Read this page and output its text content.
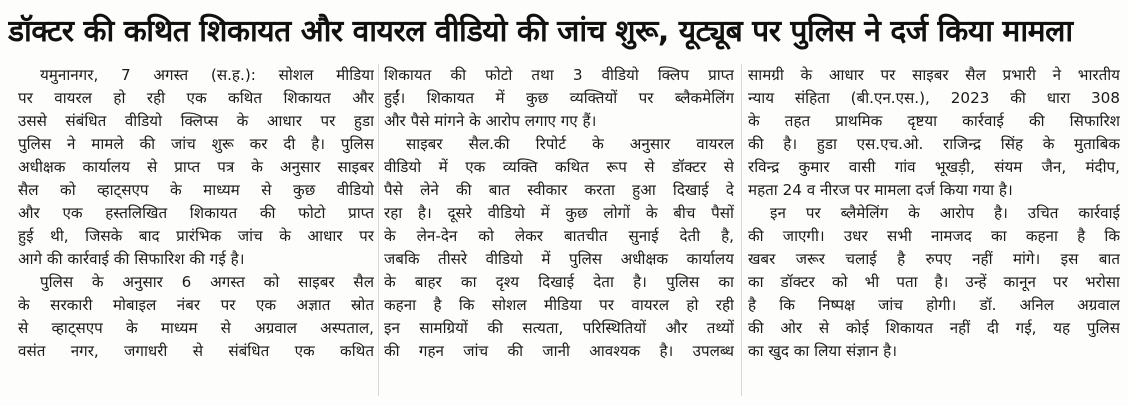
डॉक्टर की कथित शिकायत और वायरल वीडियो की जांच शुरू, यूट्यूब पर पुलिस ने दर्ज किया मामला
यमुनानगर, 7 अगस्त (स.ह.): सोशल मीडिया
पर वायरल हो रही एक कथित शिकायत और
उससे संबंधित वीडियो क्लिप्स के आधार पर हुडा
पुलिस ने मामले की जांच शुरू कर दी है। पुलिस
अधीक्षक कार्यालय से प्राप्त पत्र के अनुसार साइबर
सैल को व्हाट्सएप के माध्यम से कुछ वीडियो
और एक हस्तलिखित शिकायत की फोटो प्राप्त
हुई थी, जिसके बाद प्रारंभिक जांच के आधार पर
आगे की कार्रवाई की सिफारिश की गई है।
पुलिस के अनुसार 6 अगस्त को साइबर सैल
के सरकारी मोबाइल नंबर पर एक अज्ञात स्रोत
से व्हाट्सएप के माध्यम से अग्रवाल अस्पताल,
वसंत नगर, जगाधरी से संबंधित एक कथित
शिकायत की फोटो तथा 3 वीडियो क्लिप प्राप्त
हुईं। शिकायत में कुछ व्यक्तियों पर ब्लैकमेलिंग
और पैसे मांगने के आरोप लगाए गए हैं।
साइबर सैल.की रिपोर्ट के अनुसार वायरल
वीडियो में एक व्यक्ति कथित रूप से डॉक्टर से
पैसे लेने की बात स्वीकार करता हुआ दिखाई दे
रहा है। दूसरे वीडियो में कुछ लोगों के बीच पैसों
के लेन-देन को लेकर बातचीत सुनाई देती है,
जबकि तीसरे वीडियो में पुलिस अधीक्षक कार्यालय
के बाहर का दृश्य दिखाई देता है। पुलिस का
कहना है कि सोशल मीडिया पर वायरल हो रही
इन सामग्रियों की सत्यता, परिस्थितियों और तथ्यों
की गहन जांच की जानी आवश्यक है। उपलब्ध
सामग्री के आधार पर साइबर सैल प्रभारी ने भारतीय
न्याय संहिता (बी.एन.एस.), 2023 की धारा 308
के तहत प्राथमिक दृष्टया कार्रवाई की सिफारिश
की है। हुडा एस.एच.ओ. राजिन्द्र सिंह के मुताबिक
रविन्द्र कुमार वासी गांव भूखड़ी, संयम जैन, मंदीप,
महता 24 व नीरज पर मामला दर्ज किया गया है।
इन पर ब्लैमेलिंग के आरोप है। उचित कार्रवाई
की जाएगी। उधर सभी नामजद का कहना है कि
खबर जरूर चलाई है रुपए नहीं मांगे। इस बात
का डॉक्टर को भी पता है। उन्हें कानून पर भरोसा
है कि निष्पक्ष जांच होगी। डॉ. अनिल अग्रवाल
की ओर से कोई शिकायत नहीं दी गई, यह पुलिस
का खुद का लिया संज्ञान है।
